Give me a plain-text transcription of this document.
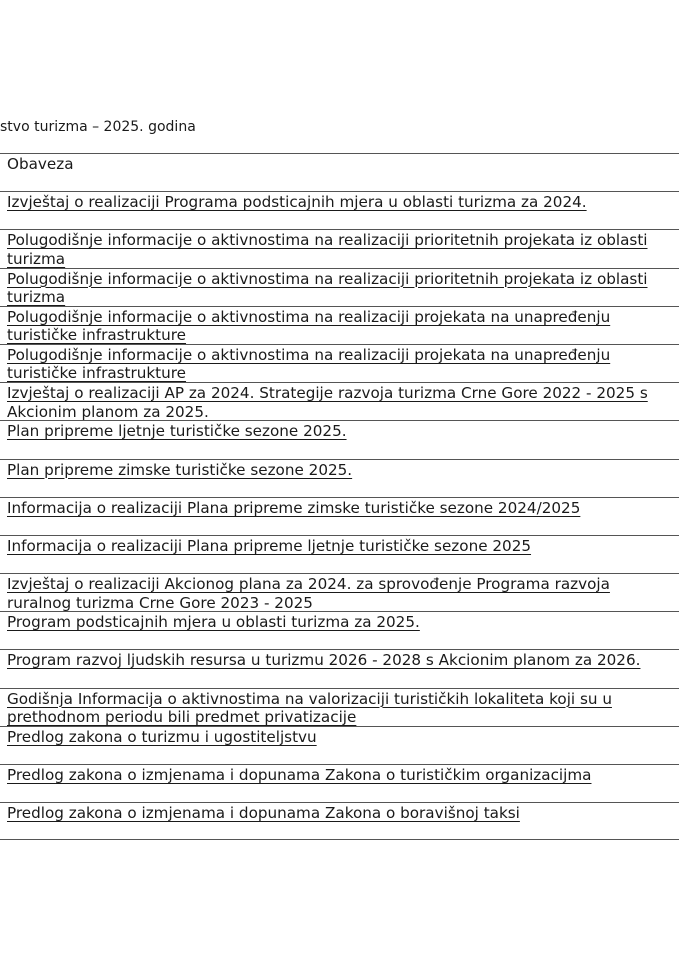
stvo turizma – 2025. godina
Obaveza
Izvještaj o realizaciji Programa podsticajnih mjera u oblasti turizma za 2024.
Polugodišnje informacije o aktivnostima na realizaciji prioritetnih projekata iz oblasti turizma
Polugodišnje informacije o aktivnostima na realizaciji prioritetnih projekata iz oblasti turizma
Polugodišnje informacije o aktivnostima na realizaciji projekata na unapređenju turističke infrastrukture
Polugodišnje informacije o aktivnostima na realizaciji projekata na unapređenju turističke infrastrukture
Izvještaj o realizaciji AP za 2024. Strategije razvoja turizma Crne Gore 2022 - 2025 s Akcionim planom za 2025.
Plan pripreme ljetnje turističke sezone 2025.
Plan pripreme zimske turističke sezone 2025.
Informacija o realizaciji Plana pripreme zimske turističke sezone 2024/2025
Informacija o realizaciji Plana pripreme ljetnje turističke sezone 2025
Izvještaj o realizaciji Akcionog plana za 2024. za sprovođenje Programa razvoja ruralnog turizma Crne Gore 2023 - 2025
Program podsticajnih mjera u oblasti turizma za 2025.
Program razvoj ljudskih resursa u turizmu 2026 - 2028 s Akcionim planom za 2026.
Godišnja Informacija o aktivnostima na valorizaciji turističkih lokaliteta koji su u prethodnom periodu bili predmet privatizacije
Predlog zakona o turizmu i ugostiteljstvu
Predlog zakona o izmjenama i dopunama Zakona o turističkim organizacijma
Predlog zakona o izmjenama i dopunama Zakona o boravišnoj taksi
